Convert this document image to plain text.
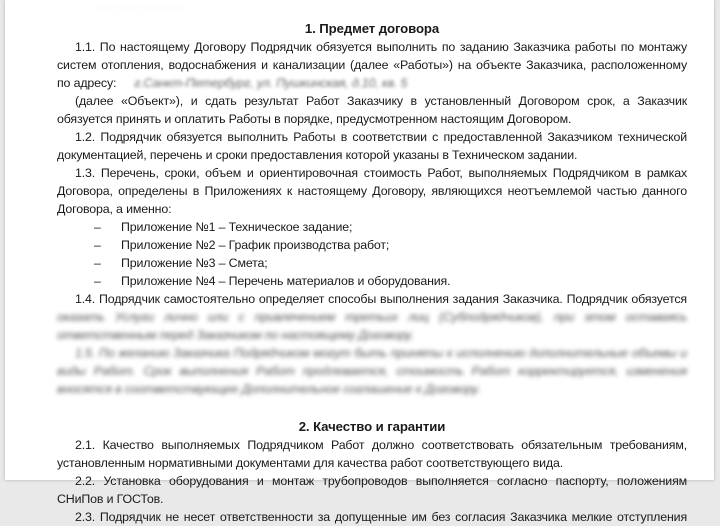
…… …… …… ……
1. Предмет договора

1.1. По настоящему Договору Подрядчик обязуется выполнить по заданию Заказчика работы по монтажу систем отопления, водоснабжения и канализации (далее «Работы») на объекте Заказчика, расположенному по адресу: г.Санкт-Петербург, ул. Пушкинская, д.10, кв. 5

(далее «Объект»), и сдать результат Работ Заказчику в установленный Договором срок, а Заказчик обязуется принять и оплатить Работы в порядке, предусмотренном настоящим Договором.

1.2. Подрядчик обязуется выполнить Работы в соответствии с предоставленной Заказчиком технической документацией, перечень и сроки предоставления которой указаны в Техническом задании.

1.3. Перечень, сроки, объем и ориентировочная стоимость Работ, выполняемых Подрядчиком в рамках Договора, определены в Приложениях к настоящему Договору, являющихся неотъемлемой частью данного Договора, а именно:

– Приложение №1 – Техническое задание;
– Приложение №2 – График производства работ;
– Приложение №3 – Смета;
– Приложение №4 – Перечень материалов и оборудования.

1.4. Подрядчик самостоятельно определяет способы выполнения задания Заказчика. Подрядчик обязуется

оказать Услуги лично или с привлечением третьих лиц (Субподрядчиков), при этом оставаясь ответственным перед Заказчиком по настоящему Договору.

1.5. По желанию Заказчика Подрядчиком могут быть приняты к исполнению дополнительные объемы и виды Работ. Срок выполнения Работ продлевается, стоимость Работ корректируется, изменения вносятся в соответствующее Дополнительное соглашение к Договору.

2. Качество и гарантии

2.1. Качество выполняемых Подрядчиком Работ должно соответствовать обязательным требованиям, установленным нормативными документами для качества работ соответствующего вида.

2.2. Установка оборудования и монтаж трубопроводов выполняется согласно паспорту, положениям СНиПов и ГОСТов.

2.3. Подрядчик не несет ответственности за допущенные им без согласия Заказчика мелкие отступления
